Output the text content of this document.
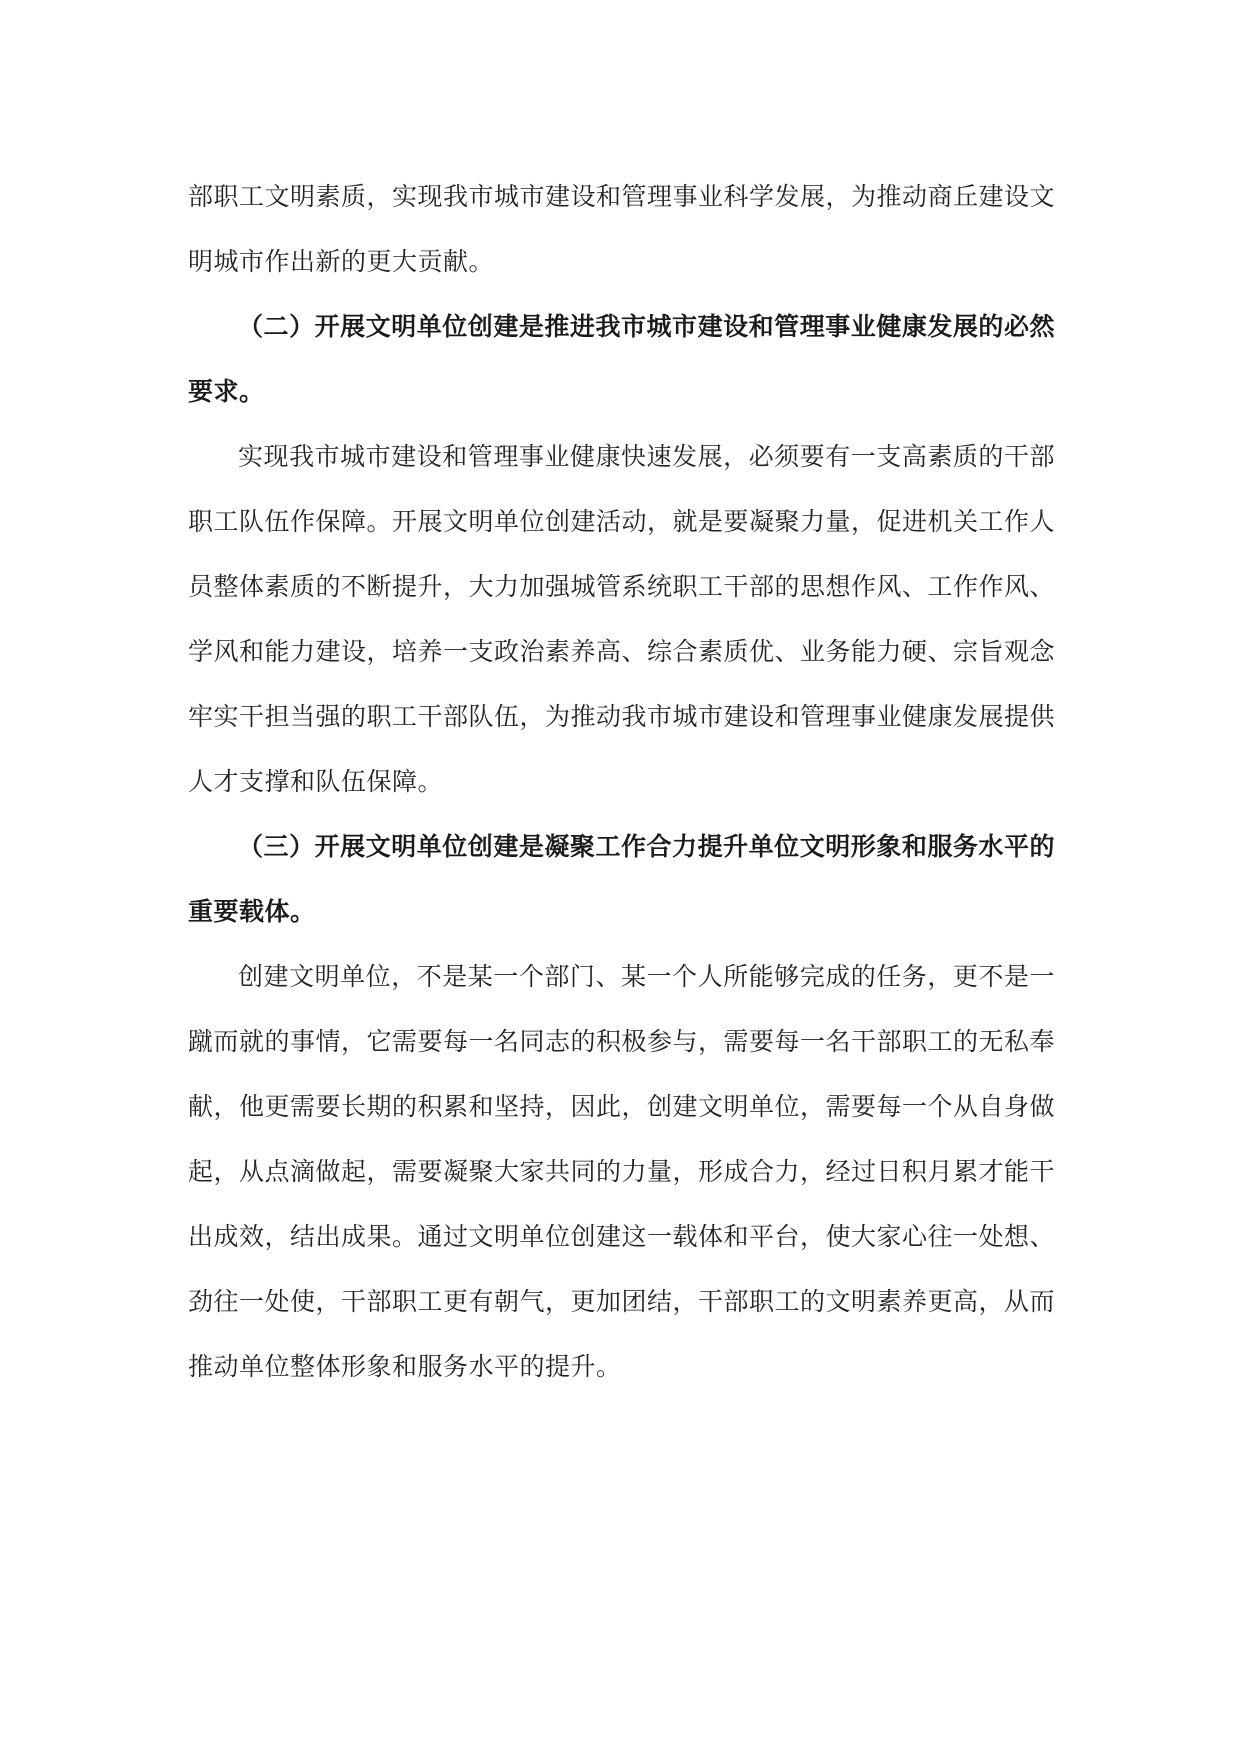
部职工文明素质，实现我市城市建设和管理事业科学发展，为推动商丘建设文明城市作出新的更大贡献。

（二）开展文明单位创建是推进我市城市建设和管理事业健康发展的必然要求。

实现我市城市建设和管理事业健康快速发展，必须要有一支高素质的干部职工队伍作保障。开展文明单位创建活动，就是要凝聚力量，促进机关工作人员整体素质的不断提升，大力加强城管系统职工干部的思想作风、工作作风、学风和能力建设，培养一支政治素养高、综合素质优、业务能力硬、宗旨观念牢实干担当强的职工干部队伍，为推动我市城市建设和管理事业健康发展提供人才支撑和队伍保障。

（三）开展文明单位创建是凝聚工作合力提升单位文明形象和服务水平的重要载体。

创建文明单位，不是某一个部门、某一个人所能够完成的任务，更不是一蹴而就的事情，它需要每一名同志的积极参与，需要每一名干部职工的无私奉献，他更需要长期的积累和坚持，因此，创建文明单位，需要每一个从自身做起，从点滴做起，需要凝聚大家共同的力量，形成合力，经过日积月累才能干出成效，结出成果。通过文明单位创建这一载体和平台，使大家心往一处想、劲往一处使，干部职工更有朝气，更加团结，干部职工的文明素养更高，从而推动单位整体形象和服务水平的提升。
